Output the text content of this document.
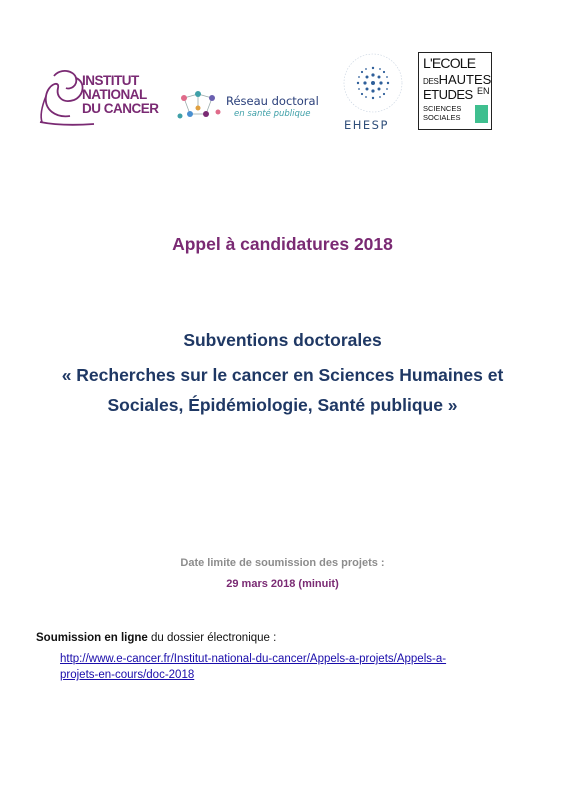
INSTITUT
NATIONAL
DU CANCER	Réseau doctoral
en santé publique
EHESP
L'ECOLE
DESHAUTES
ETUDES EN
SCIENCES
SOCIALES
Appel à candidatures 2018
Subventions doctorales
« Recherches sur le cancer en Sciences Humaines et
Sociales, Épidémiologie, Santé publique »
Date limite de soumission des projets :
29 mars 2018 (minuit)
Soumission en ligne du dossier électronique :
http://www.e-cancer.fr/Institut-national-du-cancer/Appels-a-projets/Appels-a-
projets-en-cours/doc-2018
